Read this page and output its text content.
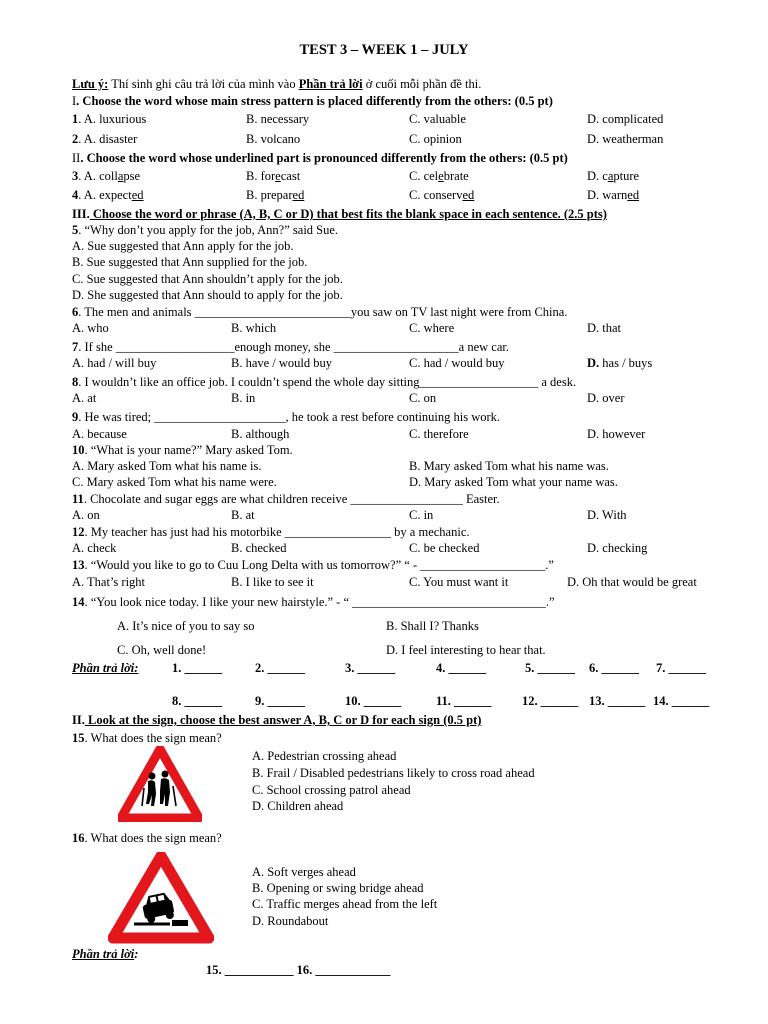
TEST 3 – WEEK 1 – JULY
Lưu ý: Thí sinh ghi câu trả lời của mình vào Phần trả lời ở cuối mỗi phần đề thi.
I. Choose the word whose main stress pattern is placed differently from the others: (0.5 pt)
1. A. luxurious	B. necessary	C. valuable	D. complicated
2. A. disaster	B. volcano	C. opinion	D. weatherman
II. Choose the word whose underlined part is pronounced differently from the others: (0.5 pt)
3. A. collapse	B. forecast	C. celebrate	D. capture
4. A. expected	B. prepared	C. conserved	D. warned
III. Choose the word or phrase (A, B, C or D) that best fits the blank space in each sentence. (2.5 pts)
5. “Why don’t you apply for the job, Ann?” said Sue.
A. Sue suggested that Ann apply for the job.
B. Sue suggested that Ann supplied for the job.
C. Sue suggested that Ann shouldn’t apply for the job.
D. She suggested that Ann should to apply for the job.
6. The men and animals _________________________you saw on TV last night were from China.
A. who	B. which	C. where	D. that
7. If she ___________________enough money, she ____________________a new car.
A. had / will buy	B. have / would buy	C. had / would buy	D. has / buys
8. I wouldn’t like an office job. I couldn’t spend the whole day sitting___________________ a desk.
A. at	B. in	C. on	D. over
9. He was tired; _____________________, he took a rest before continuing his work.
A. because	B. although	C. therefore	D. however
10. “What is your name?” Mary asked Tom.
A. Mary asked Tom what his name is.	B. Mary asked Tom what his name was.
C. Mary asked Tom what his name were.	D. Mary asked Tom what your name was.
11. Chocolate and sugar eggs are what children receive __________________ Easter.
A. on	B. at	C. in	D. With
12. My teacher has just had his motorbike _________________ by a mechanic.
A. check	B. checked	C. be checked	D. checking
13. “Would you like to go to Cuu Long Delta with us tomorrow?” “ - ____________________.”
A. That’s right	B. I like to see it	C. You must want it	D. Oh that would be great
14. “You look nice today. I like your new hairstyle.” - “ _______________________________.”
A. It’s nice of you to say so	B. Shall I? Thanks
C. Oh, well done!	D. I feel interesting to hear that.
Phần trả lời:	1. ______	2. ______	3. ______	4. ______	5. ______ 6. ______ 7. ______
8. ______	9. ______	10. ______	11. ______ 12. ______ 13. ______ 14. ______
II. Look at the sign, choose the best answer A, B, C or D for each sign (0.5 pt)
15. What does the sign mean?
A. Pedestrian crossing ahead
B. Frail / Disabled pedestrians likely to cross road ahead
C. School crossing patrol ahead
D. Children ahead
16. What does the sign mean?
A. Soft verges ahead
B. Opening or swing bridge ahead
C. Traffic merges ahead from the left
D. Roundabout
Phần trả lời:
15. ___________ 16. ____________
